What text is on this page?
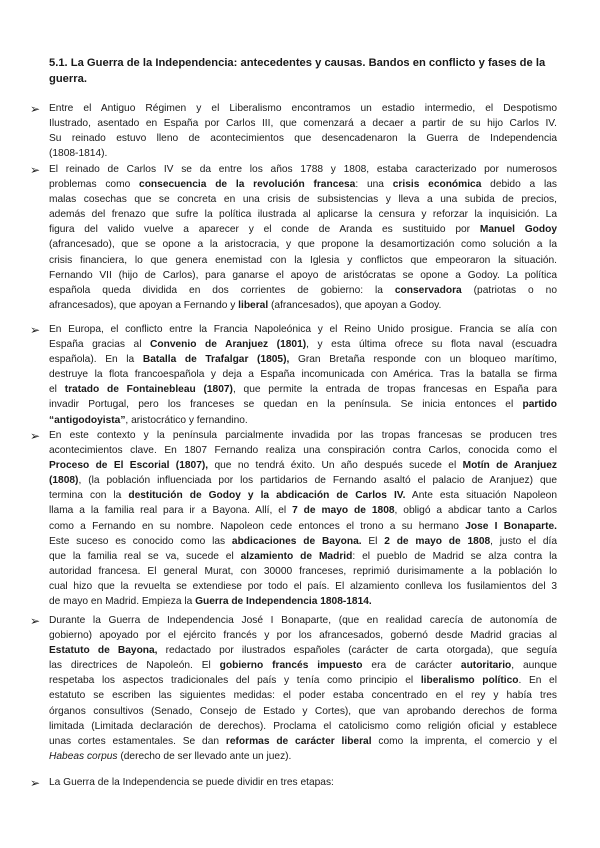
5.1. La Guerra de la Independencia: antecedentes y causas. Bandos en conflicto y fases de la guerra.

➢ Entre el Antiguo Régimen y el Liberalismo encontramos un estadio intermedio, el Despotismo
Ilustrado, asentado en España por Carlos III, que comenzará a decaer a partir de su hijo Carlos IV.
Su reinado estuvo lleno de acontecimientos que desencadenaron la Guerra de Independencia
(1808-1814).
➢ El reinado de Carlos IV se da entre los años 1788 y 1808, estaba caracterizado por numerosos
problemas como consecuencia de la revolución francesa: una crisis económica debido a las
malas cosechas que se concreta en una crisis de subsistencias y lleva a una subida de precios,
además del frenazo que sufre la política ilustrada al aplicarse la censura y reforzar la inquisición. La
figura del valido vuelve a aparecer y el conde de Aranda es sustituido por Manuel Godoy
(afrancesado), que se opone a la aristocracia, y que propone la desamortización como solución a la
crisis financiera, lo que genera enemistad con la Iglesia y conflictos que empeoraron la situación.
Fernando VII (hijo de Carlos), para ganarse el apoyo de aristócratas se opone a Godoy. La política
española queda dividida en dos corrientes de gobierno: la conservadora (patriotas o no
afrancesados), que apoyan a Fernando y liberal (afrancesados), que apoyan a Godoy.
➢ En Europa, el conflicto entre la Francia Napoleónica y el Reino Unido prosigue. Francia se alía con
España gracias al Convenio de Aranjuez (1801), y esta última ofrece su flota naval (escuadra
española). En la Batalla de Trafalgar (1805), Gran Bretaña responde con un bloqueo marítimo,
destruye la flota francoespañola y deja a España incomunicada con América. Tras la batalla se firma
el tratado de Fontainebleau (1807), que permite la entrada de tropas francesas en España para
invadir Portugal, pero los franceses se quedan en la península. Se inicia entonces el partido
“antigodoyista”, aristocrático y fernandino.
➢ En este contexto y la península parcialmente invadida por las tropas francesas se producen tres
acontecimientos clave. En 1807 Fernando realiza una conspiración contra Carlos, conocida como el
Proceso de El Escorial (1807), que no tendrá éxito. Un año después sucede el Motín de Aranjuez
(1808), (la población influenciada por los partidarios de Fernando asaltó el palacio de Aranjuez) que
termina con la destitución de Godoy y la abdicación de Carlos IV. Ante esta situación Napoleon
llama a la familia real para ir a Bayona. Allí, el 7 de mayo de 1808, obligó a abdicar tanto a Carlos
como a Fernando en su nombre. Napoleon cede entonces el trono a su hermano Jose I Bonaparte.
Este suceso es conocido como las abdicaciones de Bayona. El 2 de mayo de 1808, justo el día
que la familia real se va, sucede el alzamiento de Madrid: el pueblo de Madrid se alza contra la
autoridad francesa. El general Murat, con 30000 franceses, reprimió durisimamente a la población lo
cual hizo que la revuelta se extendiese por todo el país. El alzamiento conlleva los fusilamientos del 3
de mayo en Madrid. Empieza la Guerra de Independencia 1808-1814.
➢ Durante la Guerra de Independencia José I Bonaparte, (que en realidad carecía de autonomía de
gobierno) apoyado por el ejército francés y por los afrancesados, gobernó desde Madrid gracias al
Estatuto de Bayona, redactado por ilustrados españoles (carácter de carta otorgada), que seguía
las directrices de Napoleón. El gobierno francés impuesto era de carácter autoritario, aunque
respetaba los aspectos tradicionales del país y tenía como principio el liberalismo político. En el
estatuto se escriben las siguientes medidas: el poder estaba concentrado en el rey y había tres
órganos consultivos (Senado, Consejo de Estado y Cortes), que van aprobando derechos de forma
limitada (Limitada declaración de derechos). Proclama el catolicismo como religión oficial y establece
unas cortes estamentales. Se dan reformas de carácter liberal como la imprenta, el comercio y el
Habeas corpus (derecho de ser llevado ante un juez).
➢ La Guerra de la Independencia se puede dividir en tres etapas:
